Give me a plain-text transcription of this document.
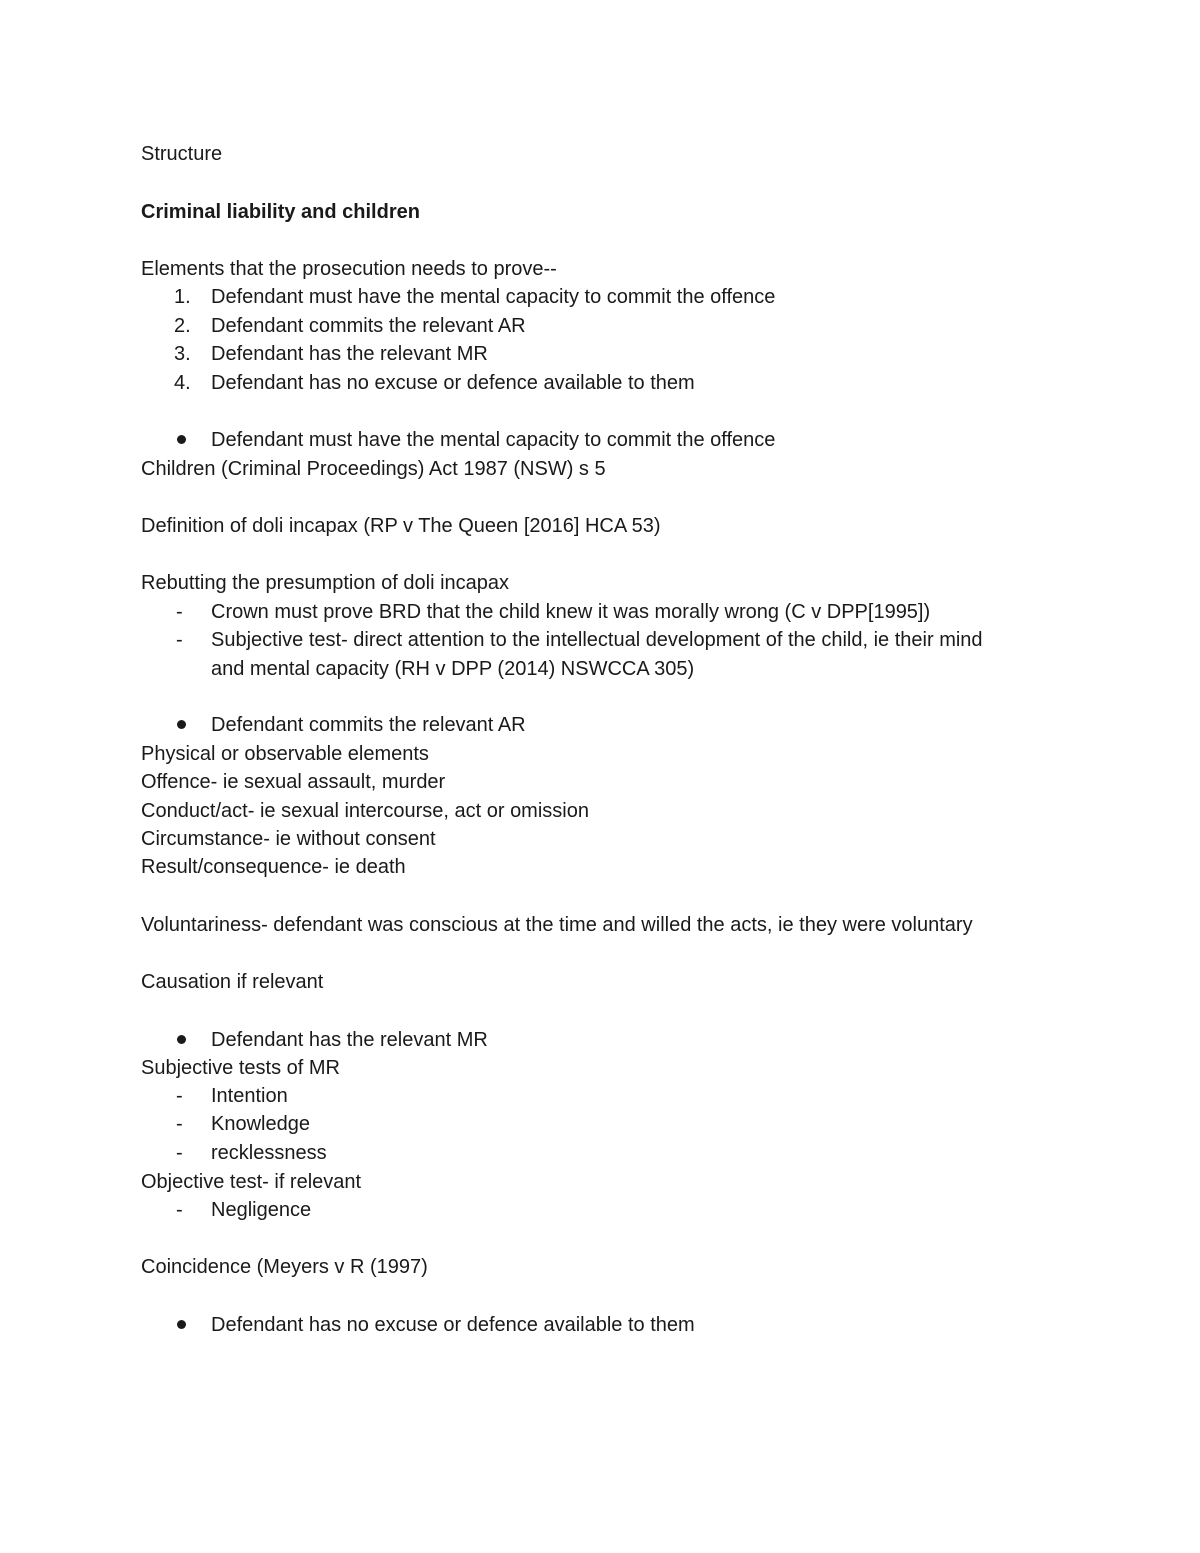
Structure
Criminal liability and children
Elements that the prosecution needs to prove--
1.	Defendant must have the mental capacity to commit the offence
2.	Defendant commits the relevant AR
3.	Defendant has the relevant MR
4.	Defendant has no excuse or defence available to them
Defendant must have the mental capacity to commit the offence
Children (Criminal Proceedings) Act 1987 (NSW) s 5
Definition of doli incapax (RP v The Queen [2016] HCA 53)
Rebutting the presumption of doli incapax
-	Crown must prove BRD that the child knew it was morally wrong (C v DPP[1995])
-	Subjective test- direct attention to the intellectual development of the child, ie their mind
and mental capacity (RH v DPP (2014) NSWCCA 305)
Defendant commits the relevant AR
Physical or observable elements
Offence- ie sexual assault, murder
Conduct/act- ie sexual intercourse, act or omission
Circumstance- ie without consent
Result/consequence- ie death
Voluntariness- defendant was conscious at the time and willed the acts, ie they were voluntary
Causation if relevant
Defendant has the relevant MR
Subjective tests of MR
-	Intention
-	Knowledge
-	recklessness
Objective test- if relevant
-	Negligence
Coincidence (Meyers v R (1997)
Defendant has no excuse or defence available to them
